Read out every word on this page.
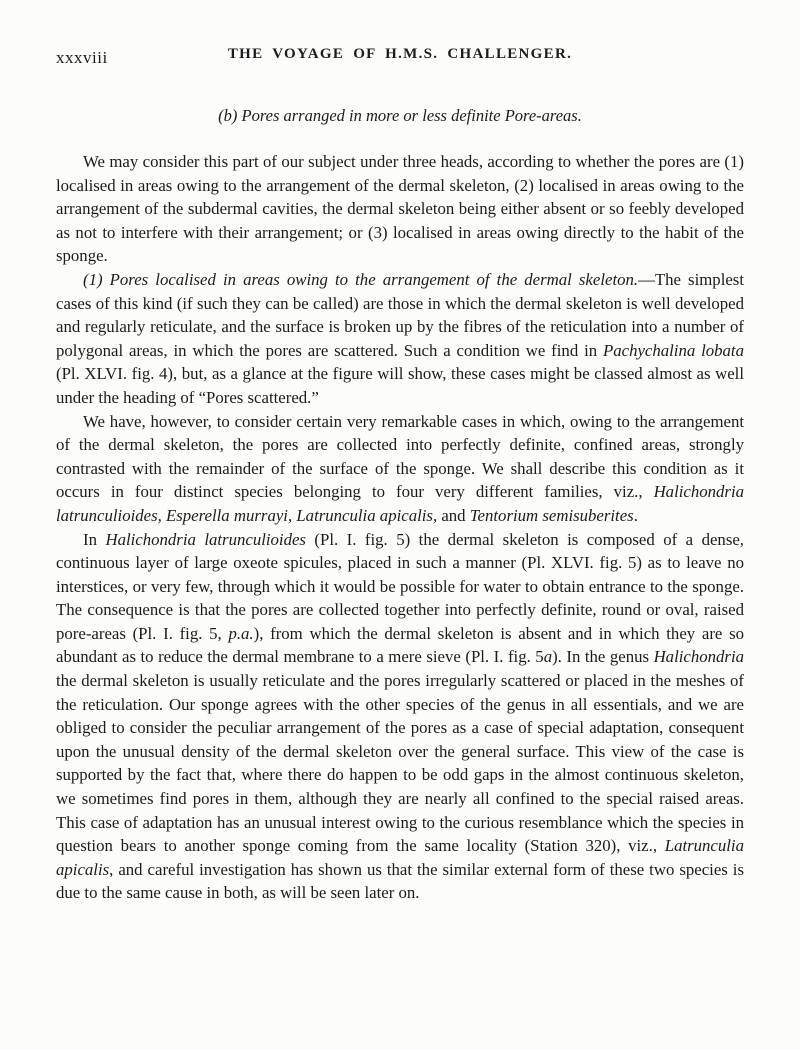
xxxviii	THE VOYAGE OF H.M.S. CHALLENGER.
(b) Pores arranged in more or less definite Pore-areas.

We may consider this part of our subject under three heads, according to whether the pores are (1) localised in areas owing to the arrangement of the dermal skeleton, (2) localised in areas owing to the arrangement of the subdermal cavities, the dermal skeleton being either absent or so feebly developed as not to interfere with their arrangement; or (3) localised in areas owing directly to the habit of the sponge.

(1) Pores localised in areas owing to the arrangement of the dermal skeleton.—The simplest cases of this kind (if such they can be called) are those in which the dermal skeleton is well developed and regularly reticulate, and the surface is broken up by the fibres of the reticulation into a number of polygonal areas, in which the pores are scattered. Such a condition we find in Pachychalina lobata (Pl. XLVI. fig. 4), but, as a glance at the figure will show, these cases might be classed almost as well under the heading of “Pores scattered.”

We have, however, to consider certain very remarkable cases in which, owing to the arrangement of the dermal skeleton, the pores are collected into perfectly definite, confined areas, strongly contrasted with the remainder of the surface of the sponge. We shall describe this condition as it occurs in four distinct species belonging to four very different families, viz., Halichondria latrunculioides, Esperella murrayi, Latrunculia apicalis, and Tentorium semisuberites.

In Halichondria latrunculioides (Pl. I. fig. 5) the dermal skeleton is composed of a dense, continuous layer of large oxeote spicules, placed in such a manner (Pl. XLVI. fig. 5) as to leave no interstices, or very few, through which it would be possible for water to obtain entrance to the sponge. The consequence is that the pores are collected together into perfectly definite, round or oval, raised pore-areas (Pl. I. fig. 5, p.a.), from which the dermal skeleton is absent and in which they are so abundant as to reduce the dermal membrane to a mere sieve (Pl. I. fig. 5a). In the genus Halichondria the dermal skeleton is usually reticulate and the pores irregularly scattered or placed in the meshes of the reticulation. Our sponge agrees with the other species of the genus in all essentials, and we are obliged to consider the peculiar arrangement of the pores as a case of special adaptation, consequent upon the unusual density of the dermal skeleton over the general surface. This view of the case is supported by the fact that, where there do happen to be odd gaps in the almost continuous skeleton, we sometimes find pores in them, although they are nearly all confined to the special raised areas. This case of adaptation has an unusual interest owing to the curious resemblance which the species in question bears to another sponge coming from the same locality (Station 320), viz., Latrunculia apicalis, and careful investigation has shown us that the similar external form of these two species is due to the same cause in both, as will be seen later on.
